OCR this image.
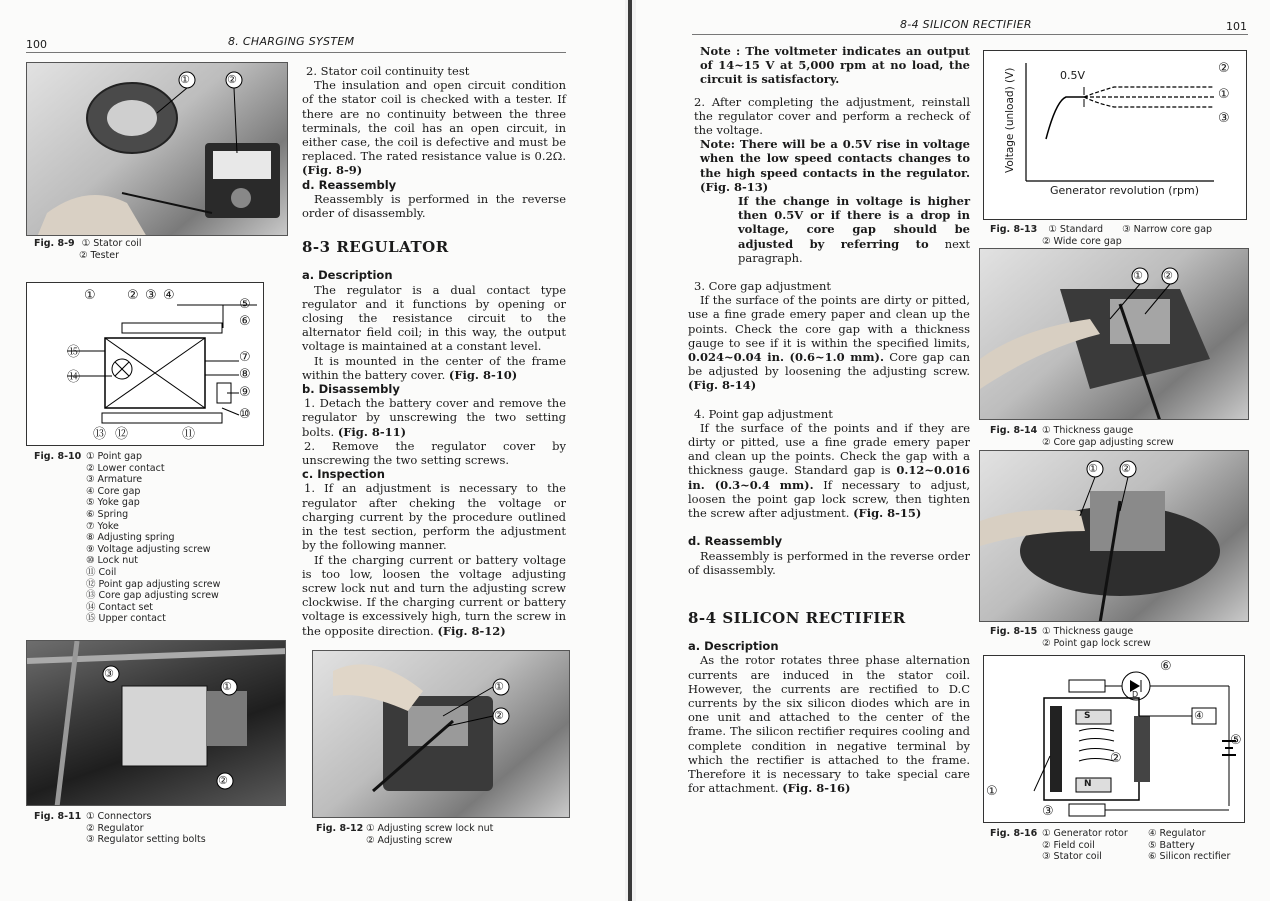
100	8. CHARGING SYSTEM
①	②
Fig. 8-9 ① Stator coil
② Tester
① ② ③ ④
⑤
⑥
⑦
⑧
⑨
⑩
⑪
⑫
⑬
⑭
⑮
Fig. 8-10 ① Point gap
② Lower contact
③ Armature
④ Core gap
⑤ Yoke gap
⑥ Spring
⑦ Yoke
⑧ Adjusting spring
⑨ Voltage adjusting screw
⑩ Lock nut
⑪ Coil
⑫ Point gap adjusting screw
⑬ Core gap adjusting screw
⑭ Contact set
⑮ Upper contact
③
①
②
Fig. 8-11 ① Connectors
② Regulator
③ Regulator setting bolts
①
②
Fig. 8-12 ① Adjusting screw lock nut
② Adjusting screw

2. Stator coil continuity test

The insulation and open circuit condition of the stator coil is checked with a tester. If there are no continuity between the three terminals, the coil has an open circuit, in either case, the coil is defective and must be replaced. The rated resistance value is 0.2Ω. (Fig. 8-9)

d. Reassembly

Reassembly is performed in the reverse order of disassembly.

8-3 REGULATOR
a. Description

The regulator is a dual contact type regulator and it functions by opening or closing the resistance circuit to the alternator field coil; in this way, the output voltage is maintained at a constant level.

It is mounted in the center of the frame within the battery cover. (Fig. 8-10)

b. Disassembly

1. Detach the battery cover and remove the regulator by unscrewing the two setting bolts. (Fig. 8-11)

2. Remove the regulator cover by unscrewing the two setting screws.

c. Inspection

1. If an adjustment is necessary to the regulator after cheking the voltage or charging current by the procedure outlined in the test section, perform the adjustment by the following manner.

If the charging current or battery voltage is too low, loosen the voltage adjusting screw lock nut and turn the adjusting screw clockwise. If the charging current or battery voltage is excessively high, turn the screw in the opposite direction. (Fig. 8-12)

8-4 SILICON RECTIFIER	101

Note : The voltmeter indicates an output of 14~15 V at 5,000 rpm at no load, the circuit is satisfactory.

2. After completing the adjustment, reinstall the regulator cover and perform a recheck of the voltage.

Note: There will be a 0.5V rise in voltage when the low speed contacts changes to the high speed contacts in the regulator. (Fig. 8-13)

If the change in voltage is higher then 0.5V or if there is a drop in voltage, core gap should be adjusted by referring to next paragraph.

3. Core gap adjustment

If the surface of the points are dirty or pitted, use a fine grade emery paper and clean up the points. Check the core gap with a thickness gauge to see if it is within the specified limits, 0.024~0.04 in. (0.6~1.0 mm). Core gap can be adjusted by loosening the adjusting screw. (Fig. 8-14)

4. Point gap adjustment

If the surface of the points and if they are dirty or pitted, use a fine grade emery paper and clean up the points. Check the gap with a thickness gauge. Standard gap is 0.12~0.016 in. (0.3~0.4 mm). If necessary to adjust, loosen the point gap lock screw, then tighten the screw after adjustment. (Fig. 8-15)

d. Reassembly

Reassembly is performed in the reverse order of disassembly.

8-4 SILICON RECTIFIER
a. Description

As the rotor rotates three phase alternation currents are induced in the stator coil. However, the currents are rectified to D.C currents by the six silicon diodes which are in one unit and attached to the center of the frame. The silicon rectifier requires cooling and complete condition in negative terminal by which the rectifier is attached to the frame. Therefore it is necessary to take special care for attachment. (Fig. 8-16)

Voltage (unload) (V)	0.5V
Generator revolution (rpm)
②
①
③
Fig. 8-13 ① Standard ③ Narrow core gap
② Wide core gap
① ②
Fig. 8-14 ① Thickness gauge
② Core gap adjusting screw
① ②
Fig. 8-15 ① Thickness gauge
② Point gap lock screw
S
N
D
⑥
④
⑤
②
①
③
Fig. 8-16 ① Generator rotor
② Field coil
③ Stator coil
④ Regulator
⑤ Battery
⑥ Silicon rectifier
